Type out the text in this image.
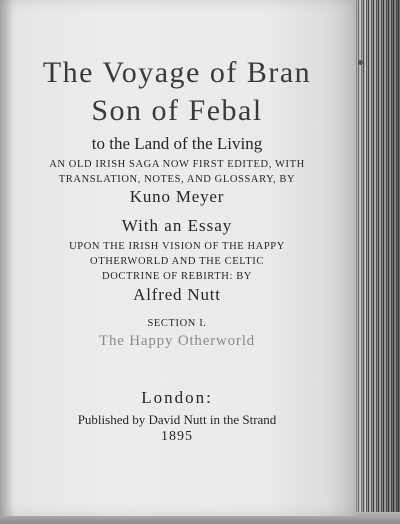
The Voyage of Bran
Son of Febal
to the Land of the Living
AN OLD IRISH SAGA NOW FIRST EDITED, WITH
TRANSLATION, NOTES, AND GLOSSARY, BY
Kuno Meyer
With an Essay
UPON THE IRISH VISION OF THE HAPPY
OTHERWORLD AND THE CELTIC
DOCTRINE OF REBIRTH: BY
Alfred Nutt
SECTION I.
The Happy Otherworld
London:
Published by David Nutt in the Strand
1895
